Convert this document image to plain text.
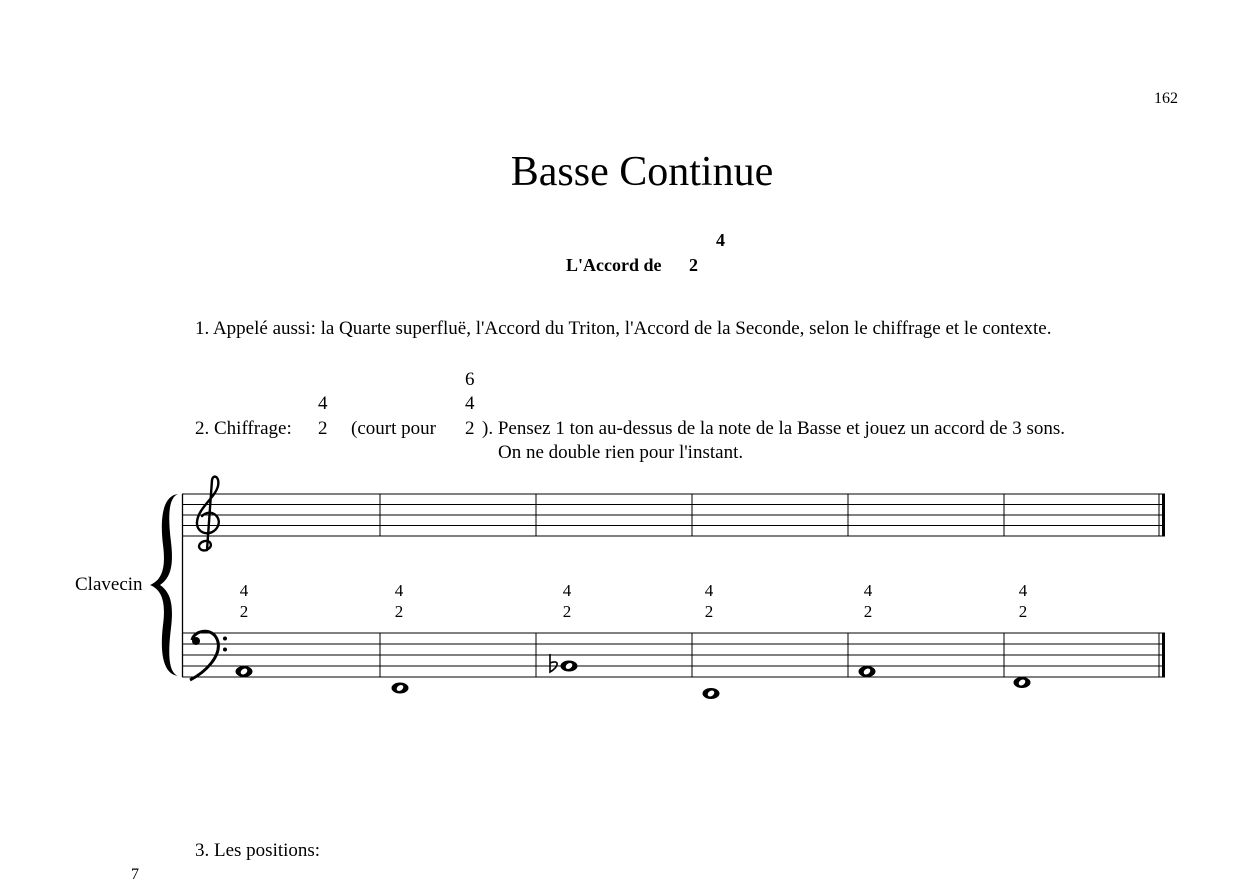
162
Basse Continue
L'Accord de
4
2
1. Appelé aussi: la Quarte superfluë, l'Accord du Triton, l'Accord de la Seconde, selon le chiffrage et le contexte.
2. Chiffrage:
4
2 (court pour
6
4
2 ). Pensez 1 ton au-dessus de la note de la Basse et jouez un accord de 3 sons.
On ne double rien pour l'instant.
Clavecin	4
2
4
2
4
2
4
2
4
2
4
2
3. Les positions:
7
